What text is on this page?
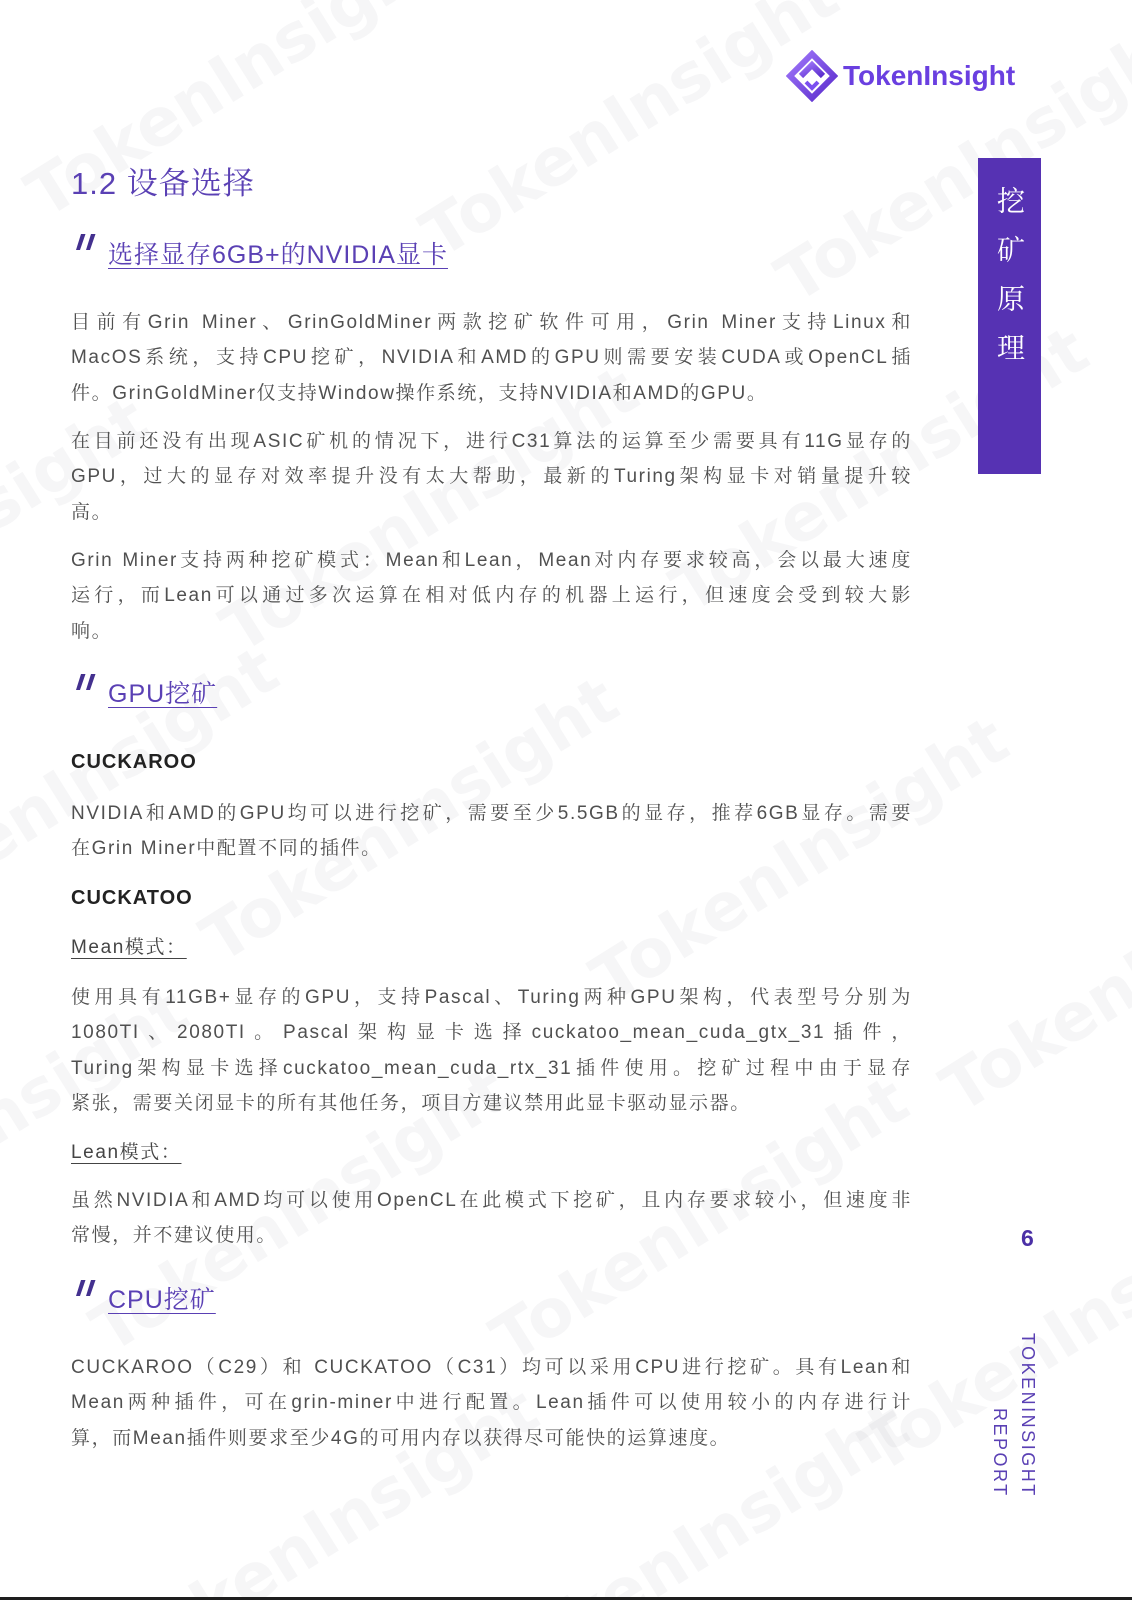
TokenInsight
挖矿原理
6
TOKENINSIGHT
REPORT
1.2 设备选择
选择显存6GB+的NVIDIA显卡
目前有Grin Miner、GrinGoldMiner两款挖矿软件可用，Grin Miner支持Linux和
MacOS系统，支持CPU挖矿，NVIDIA和AMD的GPU则需要安装CUDA或OpenCL插
件。GrinGoldMiner仅支持Window操作系统，支持NVIDIA和AMD的GPU。
在目前还没有出现ASIC矿机的情况下，进行C31算法的运算至少需要具有11G显存的
GPU，过大的显存对效率提升没有太大帮助，最新的Turing架构显卡对销量提升较
高。
Grin Miner支持两种挖矿模式：Mean和Lean，Mean对内存要求较高，会以最大速度
运行，而Lean可以通过多次运算在相对低内存的机器上运行，但速度会受到较大影
响。
GPU挖矿
CUCKAROO
NVIDIA和AMD的GPU均可以进行挖矿，需要至少5.5GB的显存，推荐6GB显存。需要
在Grin Miner中配置不同的插件。
CUCKATOO
Mean模式：
使用具有11GB+显存的GPU，支持Pascal、Turing两种GPU架构，代表型号分别为
1080TI、2080TI。Pascal架构显卡选择cuckatoo_mean_cuda_gtx_31插件，
Turing架构显卡选择cuckatoo_mean_cuda_rtx_31插件使用。挖矿过程中由于显存
紧张，需要关闭显卡的所有其他任务，项目方建议禁用此显卡驱动显示器。
Lean模式：
虽然NVIDIA和AMD均可以使用OpenCL在此模式下挖矿，且内存要求较小，但速度非
常慢，并不建议使用。
CPU挖矿
CUCKAROO（C29）和 CUCKATOO（C31）均可以采用CPU进行挖矿。具有Lean和
Mean两种插件，可在grin-miner中进行配置。Lean插件可以使用较小的内存进行计
算，而Mean插件则要求至少4G的可用内存以获得尽可能快的运算速度。
